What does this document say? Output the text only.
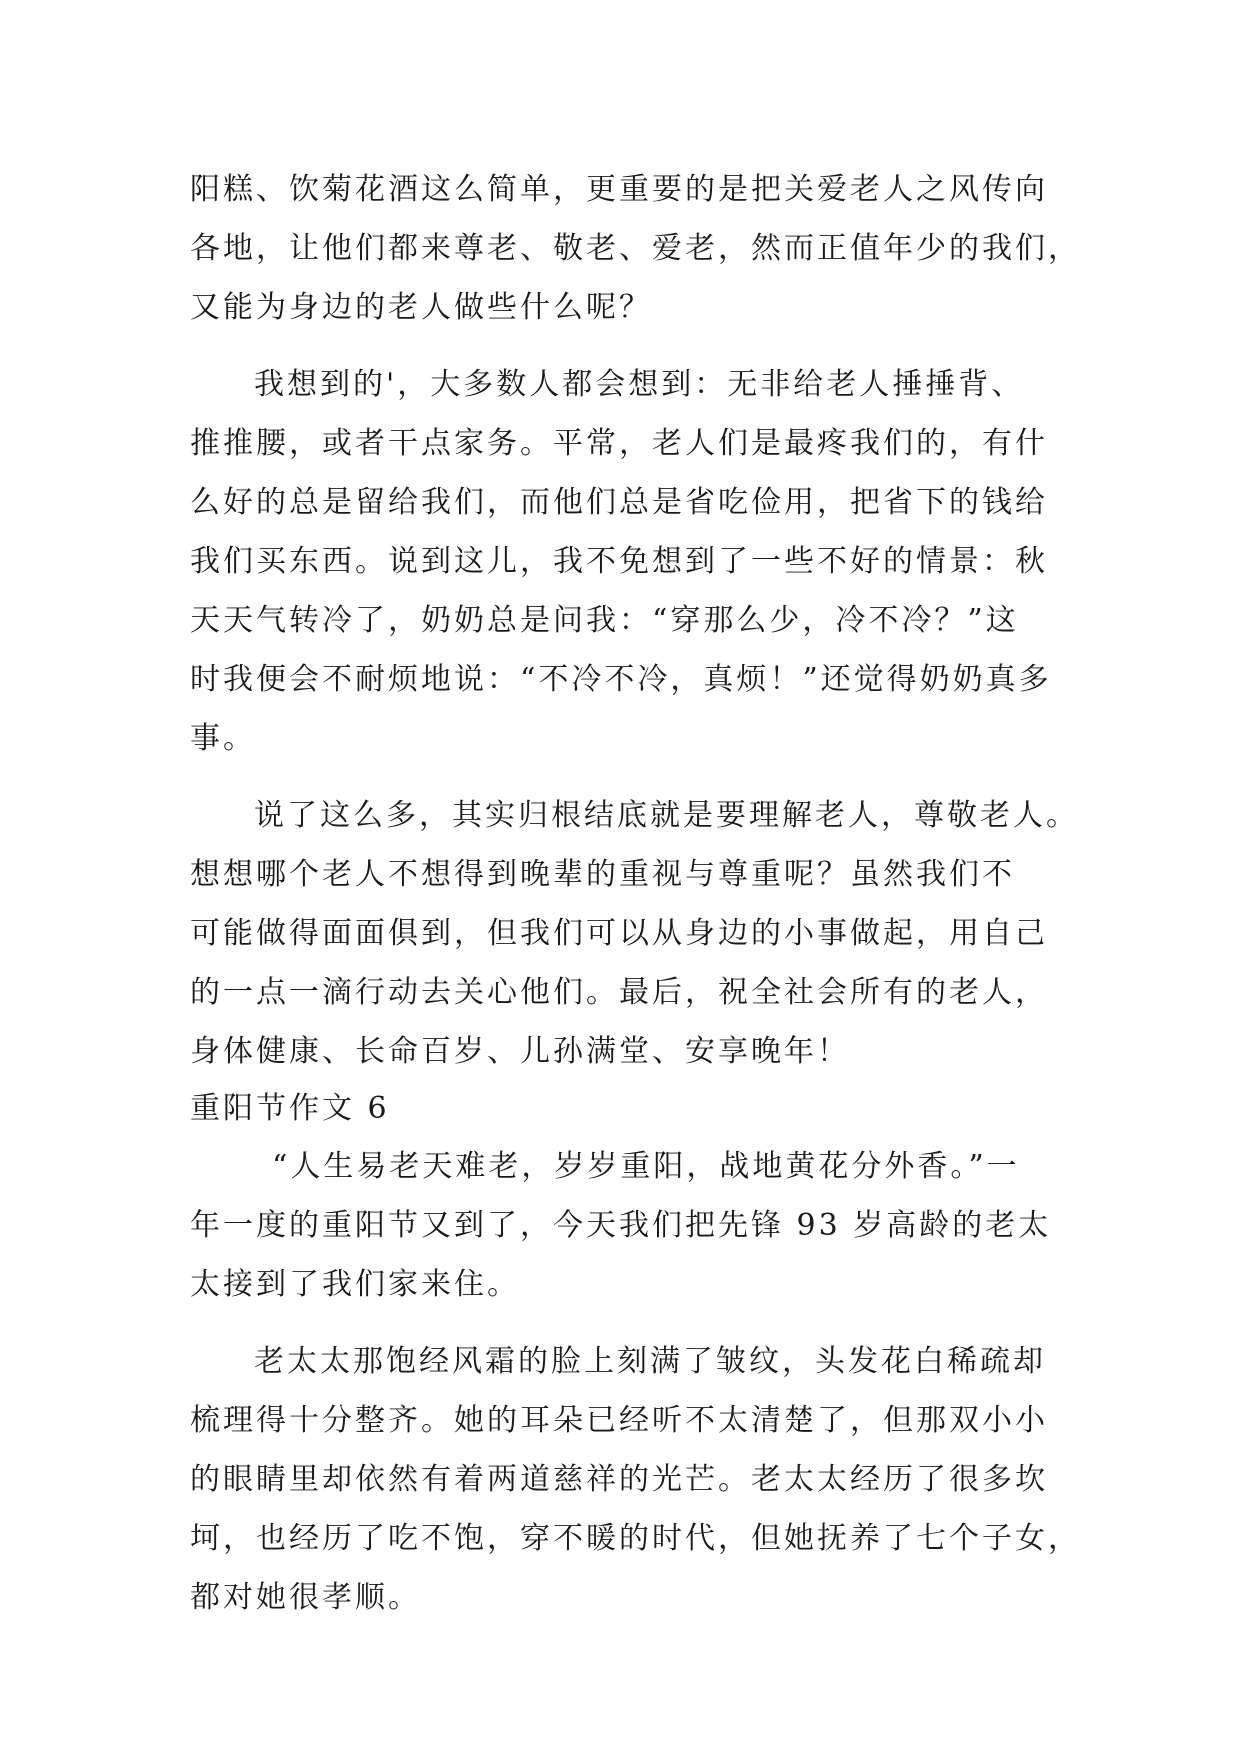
阳糕、饮菊花酒这么简单，更重要的是把关爱老人之风传向
各地，让他们都来尊老、敬老、爱老，然而正值年少的我们，
又能为身边的老人做些什么呢？
我想到的'，大多数人都会想到：无非给老人捶捶背、
推推腰，或者干点家务。平常，老人们是最疼我们的，有什
么好的总是留给我们，而他们总是省吃俭用，把省下的钱给
我们买东西。说到这儿，我不免想到了一些不好的情景：秋
天天气转冷了，奶奶总是问我：“穿那么少，冷不冷？”这
时我便会不耐烦地说：“不冷不冷，真烦！”还觉得奶奶真多
事。
说了这么多，其实归根结底就是要理解老人，尊敬老人。
想想哪个老人不想得到晚辈的重视与尊重呢？虽然我们不
可能做得面面俱到，但我们可以从身边的小事做起，用自己
的一点一滴行动去关心他们。最后，祝全社会所有的老人，
身体健康、长命百岁、儿孙满堂、安享晚年！
重阳节作文 6
“人生易老天难老，岁岁重阳，战地黄花分外香。”一
年一度的重阳节又到了，今天我们把先锋 93 岁高龄的老太
太接到了我们家来住。
老太太那饱经风霜的脸上刻满了皱纹，头发花白稀疏却
梳理得十分整齐。她的耳朵已经听不太清楚了，但那双小小
的眼睛里却依然有着两道慈祥的光芒。老太太经历了很多坎
坷，也经历了吃不饱，穿不暖的时代，但她抚养了七个子女，
都对她很孝顺。
